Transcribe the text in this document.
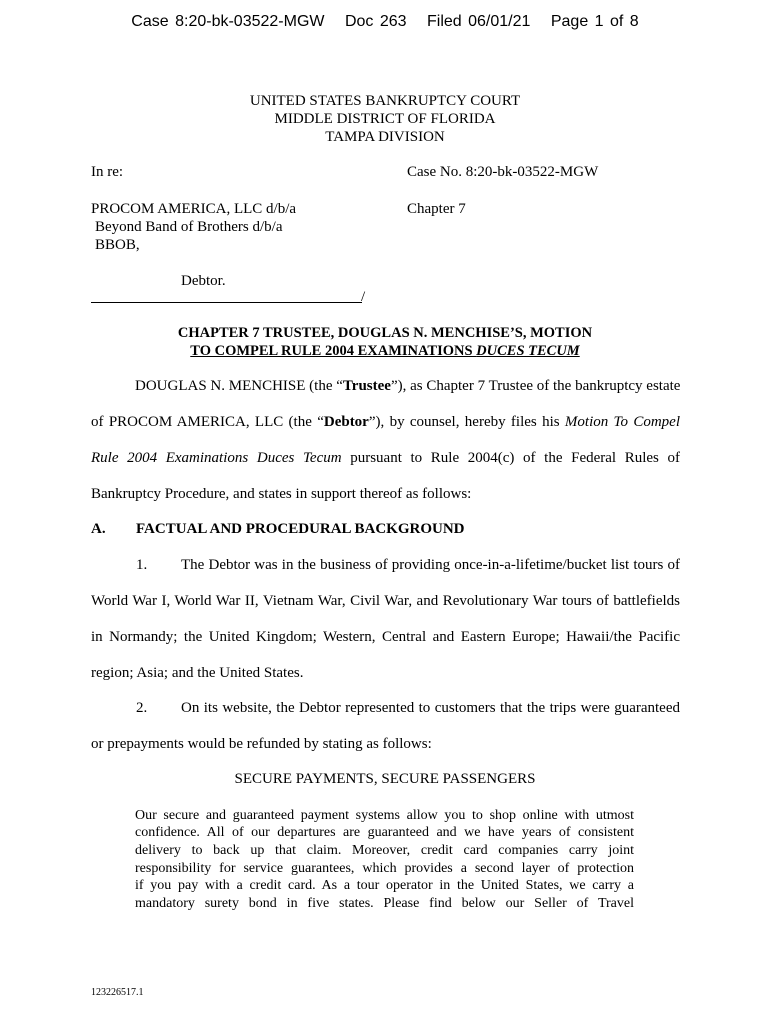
Case 8:20-bk-03522-MGW Doc 263 Filed 06/01/21 Page 1 of 8
UNITED STATES BANKRUPTCY COURT
MIDDLE DISTRICT OF FLORIDA
TAMPA DIVISION
In re:	Case No. 8:20-bk-03522-MGW
PROCOM AMERICA, LLC d/b/a	Chapter 7
Beyond Band of Brothers d/b/a
BBOB,
Debtor.
/
CHAPTER 7 TRUSTEE, DOUGLAS N. MENCHISE’S, MOTION
TO COMPEL RULE 2004 EXAMINATIONS DUCES TECUM
DOUGLAS N. MENCHISE (the “Trustee”), as Chapter 7 Trustee of the bankruptcy estate
of PROCOM AMERICA, LLC (the “Debtor”), by counsel, hereby files his Motion To Compel
Rule 2004 Examinations Duces Tecum pursuant to Rule 2004(c) of the Federal Rules of
Bankruptcy Procedure, and states in support thereof as follows:
A. FACTUAL AND PROCEDURAL BACKGROUND
1. The Debtor was in the business of providing once-in-a-lifetime/bucket list tours of
World War I, World War II, Vietnam War, Civil War, and Revolutionary War tours of battlefields
in Normandy; the United Kingdom; Western, Central and Eastern Europe; Hawaii/the Pacific
region; Asia; and the United States.
2. On its website, the Debtor represented to customers that the trips were guaranteed
or prepayments would be refunded by stating as follows:
SECURE PAYMENTS, SECURE PASSENGERS
Our secure and guaranteed payment systems allow you to shop online with utmost
confidence. All of our departures are guaranteed and we have years of consistent
delivery to back up that claim. Moreover, credit card companies carry joint
responsibility for service guarantees, which provides a second layer of protection
if you pay with a credit card. As a tour operator in the United States, we carry a
mandatory surety bond in five states. Please find below our Seller of Travel
123226517.1
